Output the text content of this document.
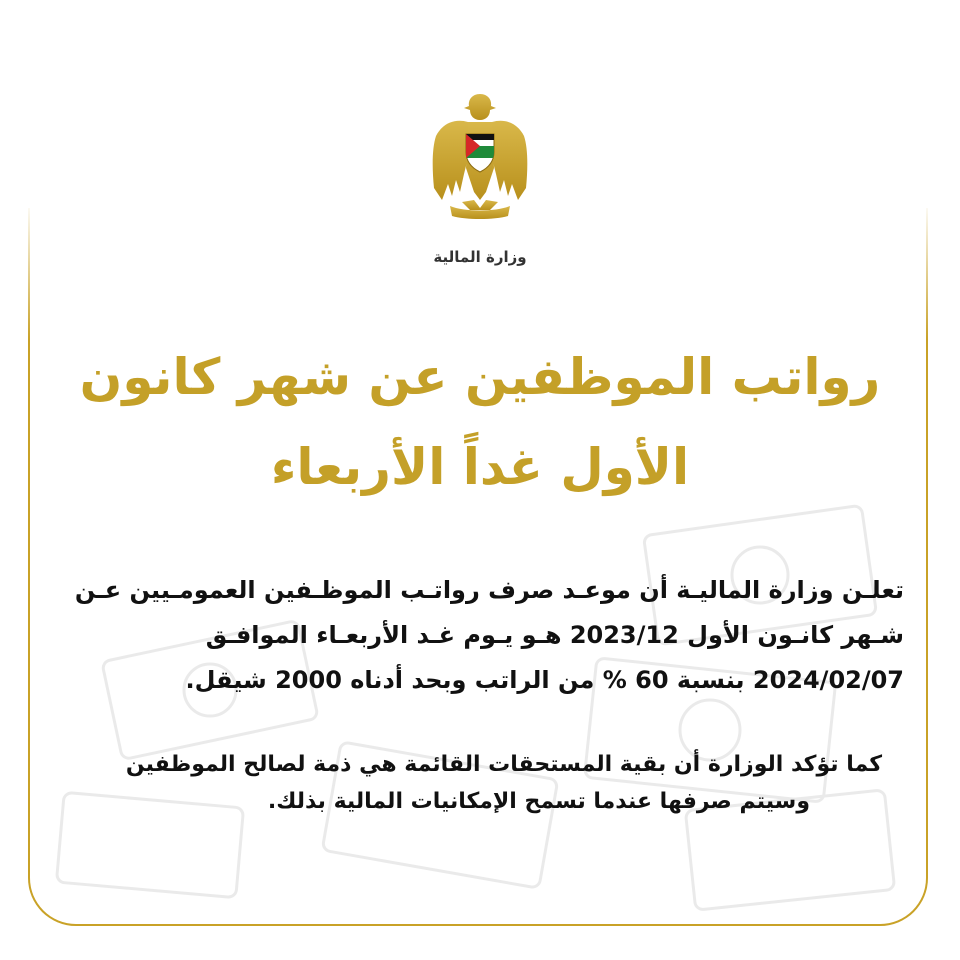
وزارة المالية
رواتب الموظفين عن شهر كانون
الأول غداً الأربعاء
تعلـن وزارة الماليـة أن موعـد صرف رواتـب الموظـفين العمومـيين عـن
شـهر كانـون الأول 2023/12 هـو يـوم غـد الأربعـاء الموافـق
2024/02/07 بنسبة 60 % من الراتب وبحد أدناه 2000 شيقل.
كما تؤكد الوزارة أن بقية المستحقات القائمة هي ذمة لصالح الموظفين
وسيتم صرفها عندما تسمح الإمكانيات المالية بذلك.
